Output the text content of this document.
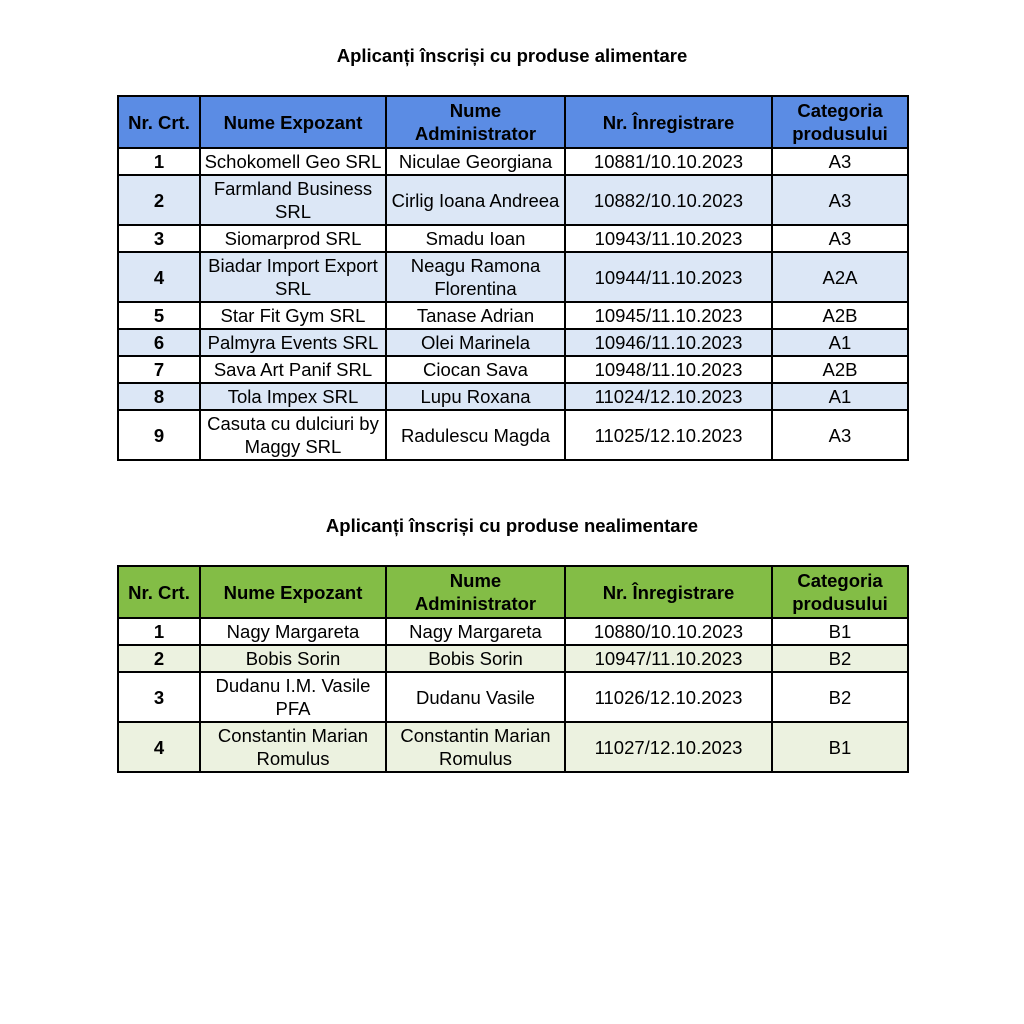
Aplicanți înscriși cu produse alimentare
Nr. Crt.	Nume Expozant	Nume Administrator	Nr. Înregistrare	Categoria produsului
1	Schokomell Geo SRL	Niculae Georgiana	10881/10.10.2023	A3
2	Farmland Business SRL	Cirlig Ioana Andreea	10882/10.10.2023	A3
3	Siomarprod SRL	Smadu Ioan	10943/11.10.2023	A3
4	Biadar Import Export SRL	Neagu Ramona Florentina	10944/11.10.2023	A2A
5	Star Fit Gym SRL	Tanase Adrian	10945/11.10.2023	A2B
6	Palmyra Events SRL	Olei Marinela	10946/11.10.2023	A1
7	Sava Art Panif SRL	Ciocan Sava	10948/11.10.2023	A2B
8	Tola Impex SRL	Lupu Roxana	11024/12.10.2023	A1
9	Casuta cu dulciuri by Maggy SRL	Radulescu Magda	11025/12.10.2023	A3
Aplicanți înscriși cu produse nealimentare
Nr. Crt.	Nume Expozant	Nume Administrator	Nr. Înregistrare	Categoria produsului
1	Nagy Margareta	Nagy Margareta	10880/10.10.2023	B1
2	Bobis Sorin	Bobis Sorin	10947/11.10.2023	B2
3	Dudanu I.M. Vasile PFA	Dudanu Vasile	11026/12.10.2023	B2
4	Constantin Marian Romulus	Constantin Marian Romulus	11027/12.10.2023	B1
